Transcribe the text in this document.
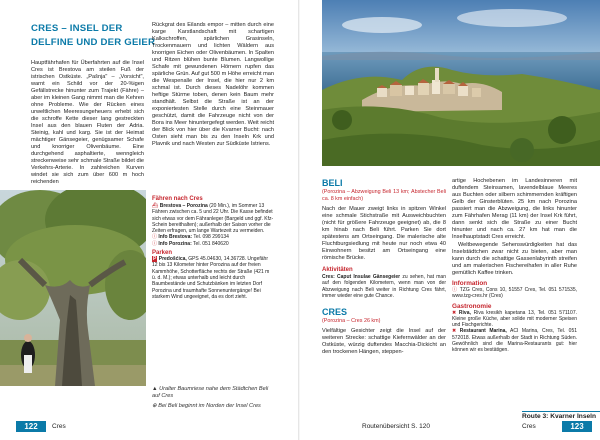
CRES – INSEL DER DELFINE UND DER GEIER

Hauptfährhafen für Überfahrten auf die Insel Cres ist Brestova am steilen Fuß der istrischen Ostküste. „Pašnja" – „Vorsicht", warnt ein Schild vor der 20-%igen Gefällstrecke hinunter zum Trajekt (Fähre) – aber im kleinen Gang nimmt man die Kehren ohne Probleme. Wie der Rücken eines urweltlichen Meeresungeheuers erhebt sich die schroffe Kette dieser lang gestreckten Insel aus den blauen Fluten der Adria. Steinig, kahl und karg. Sie ist der Heimat mächtiger Gänsegeier, genügsamer Schafe und knorriger Olivenbäume. Eine durchgehend asphaltierte, wenngleich streckenweise sehr schmale Straße bildet die Verkehrs-Arterie. In zahlreichen Kurven windet sie sich zum über 600 m hoch reichenden

Rückgrat des Eilands empor – mitten durch eine karge Karstlandschaft mit schartigen Kalkschroffen, spärlichen Grasinseln, Trockenmauern und lichten Wäldern aus knorrigen Eichen oder Olivenbäumen. In Spalten und Ritzen blühen bunte Blumen. Langwollige Schafe mit gewundenen Hörnern rupfen das spärliche Grün. Auf gut 500 m Höhe erreicht man die Wespenalle der Insel, die hier nur 2 km schmal ist. Durch dieses Nadelöhr kommen heftige Stürme toben, denen kein Baum mehr standhält. Selbst die Straße ist an der exponiertesten Stelle durch eine Steinmauer geschützt, damit die Fahrzeuge nicht von der Bora ins Meer hinuntergefegt werden. Weit reicht der Blick von hier über die Kvarner Bucht: nach Osten sieht man bis zu den Inseln Krk und Plavnik und nach Westen zur Südküste Istriens.

▲ Uralter Baumriese nahe dem Städtchen Beli auf Cres

⊕ Bei Beli beginnt im Norden der Insel Cres

Fähren nach Cres

⛴ Brestova – Porozina (20 Min.), im Sommer 13 Fähren zwischen ca. 5 und 22 Uhr. Die Kasse befindet sich etwas vor dem Fähranleger (Bargeld und ggf. Kfz-Schein bereithalten); außerhalb der Saison vorher die Zeiten erfragen, um lange Wartezeit zu vermeiden.

ⓘ Info Brestova: Tel. 098 299134

ⓘ Info Porozina: Tel. 051 840620

Parken

P Predošćica, GPS 45.04630, 14.36728. Ungefähr 12 bis 13 Kilometer hinter Porozina auf der freien Kammhöhe, Schotterfläche rechts der Straße (421 m ü. d. M.); etwas unterhalb und leicht durch Baumbestände und Schutzbänken im letzten Dorf Porozina und traumhafte Sonnenuntergänge! Bei starkem Wind ungeeignet, da es dort zieht.

122	Cres
BELI
(Porozina – Abzweigung Beli 13 km; Abstecher Beli ca. 8 km einfach)

Nach der Mauer zweigt links in spitzen Winkel eine schmale Stichstraße mit Ausweichbuchten (nicht für größere Fahrzeuge geeignet) ab, die 8 km hinab nach Beli führt. Parken Sie dort spätestens am Ortseingang. Die malerische alte Fluchtburgsiedlung mit heute nur noch etwa 40 Einwohnern besitzt am Ortseingang eine römische Brücke.

Aktivitäten

Cres: Caput Insulae Gänsegeier zu sehen, hat man auf den folgenden Kilometern, wenn man von der Abzweigung nach Beli weiter in Richtung Cres fährt, immer wieder eine gute Chance.

CRES
(Porozina – Cres 26 km)

Vielfältige Gesichter zeigt die Insel auf der weiteren Strecke: schattige Kiefernwälder an der Ostküste, würzig duftendes Macchia-Dickicht an den trockenen Hängen, steppen-

artige Hochebenen im Landesinneren mit duftendem Steinsamen, lavendelblaue Meeres aus Buchten oder silbern schimmernden kräftigen Gelb der Ginsterblüten. 25 km nach Porozina passiert man die Abzweigung, die links hinunter zum Fährhafen Merag (11 km) der Insel Krk führt, dann senkt sich die Straße zu einer Bucht hinunter und nach ca. 27 km hat man die Inselhauptstadt Cres erreicht.

Weltbewegende Sehenswürdigkeiten hat das Inselstädtchen zwar nicht zu bieten, aber man kann durch die schattige Gassenlabyrinth streifen und am malerischen Fischereihafen in aller Ruhe gemütlich Kaffee trinken.

Information

ⓘ TZG Cres, Cons 10, 51557 Cres, Tel. 051 571535, www.tzg-cres.hr (Cres)

Gastronomie

✖ Riva, Riva kresikh kapetana 13, Tel. 051 571107. Kleine große Küche, aber solide mit moderner Speisen und Fischgerichte.

✖ Restaurant Marina, ACI Marina, Cres, Tel. 051 572018. Etwas außerhalb der Stadt in Richtung Süden. Gewöhnlich sind die Marina-Restaurants gut: hier können wir es bestätigen.

Route 3: Kvarner Inseln
Routenübersicht S. 120	Cres	123
